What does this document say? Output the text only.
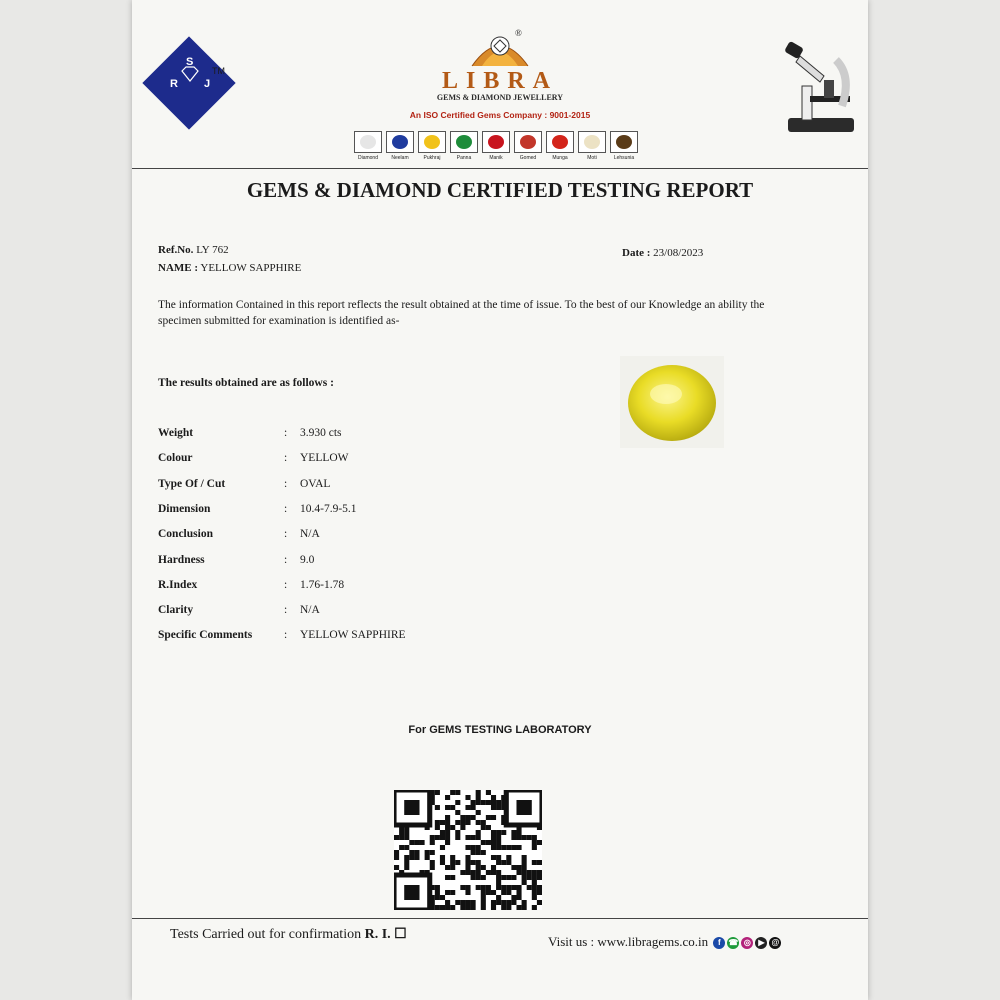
S
R J
TM
®
LIBRA
GEMS & DIAMOND JEWELLERY
An ISO Certified Gems Company : 9001-2015
Diamond	Neelam	Pukhraj	Panna	Manik	Gomed	Munga	Moti	Lehsunia
GEMS & DIAMOND CERTIFIED TESTING REPORT
Ref.No. LY 762
NAME : YELLOW SAPPHIRE
Date : 23/08/2023
The information Contained in this report reflects the result obtained at the time of issue. To the best of our Knowledge an ability the specimen submitted for examination is identified as-
The results obtained are as follows :
Weight	: 3.930 cts
Colour	: YELLOW
Type Of / Cut	: OVAL
Dimension	: 10.4-7.9-5.1
Conclusion	: N/A
Hardness	: 9.0
R.Index	: 1.76-1.78
Clarity	: N/A
Specific Comments	: YELLOW SAPPHIRE
For GEMS TESTING LABORATORY
Tests Carried out for confirmation R. I. ☐	Visit us : www.libragems.co.in	f ☎ ◎ ▶ @
